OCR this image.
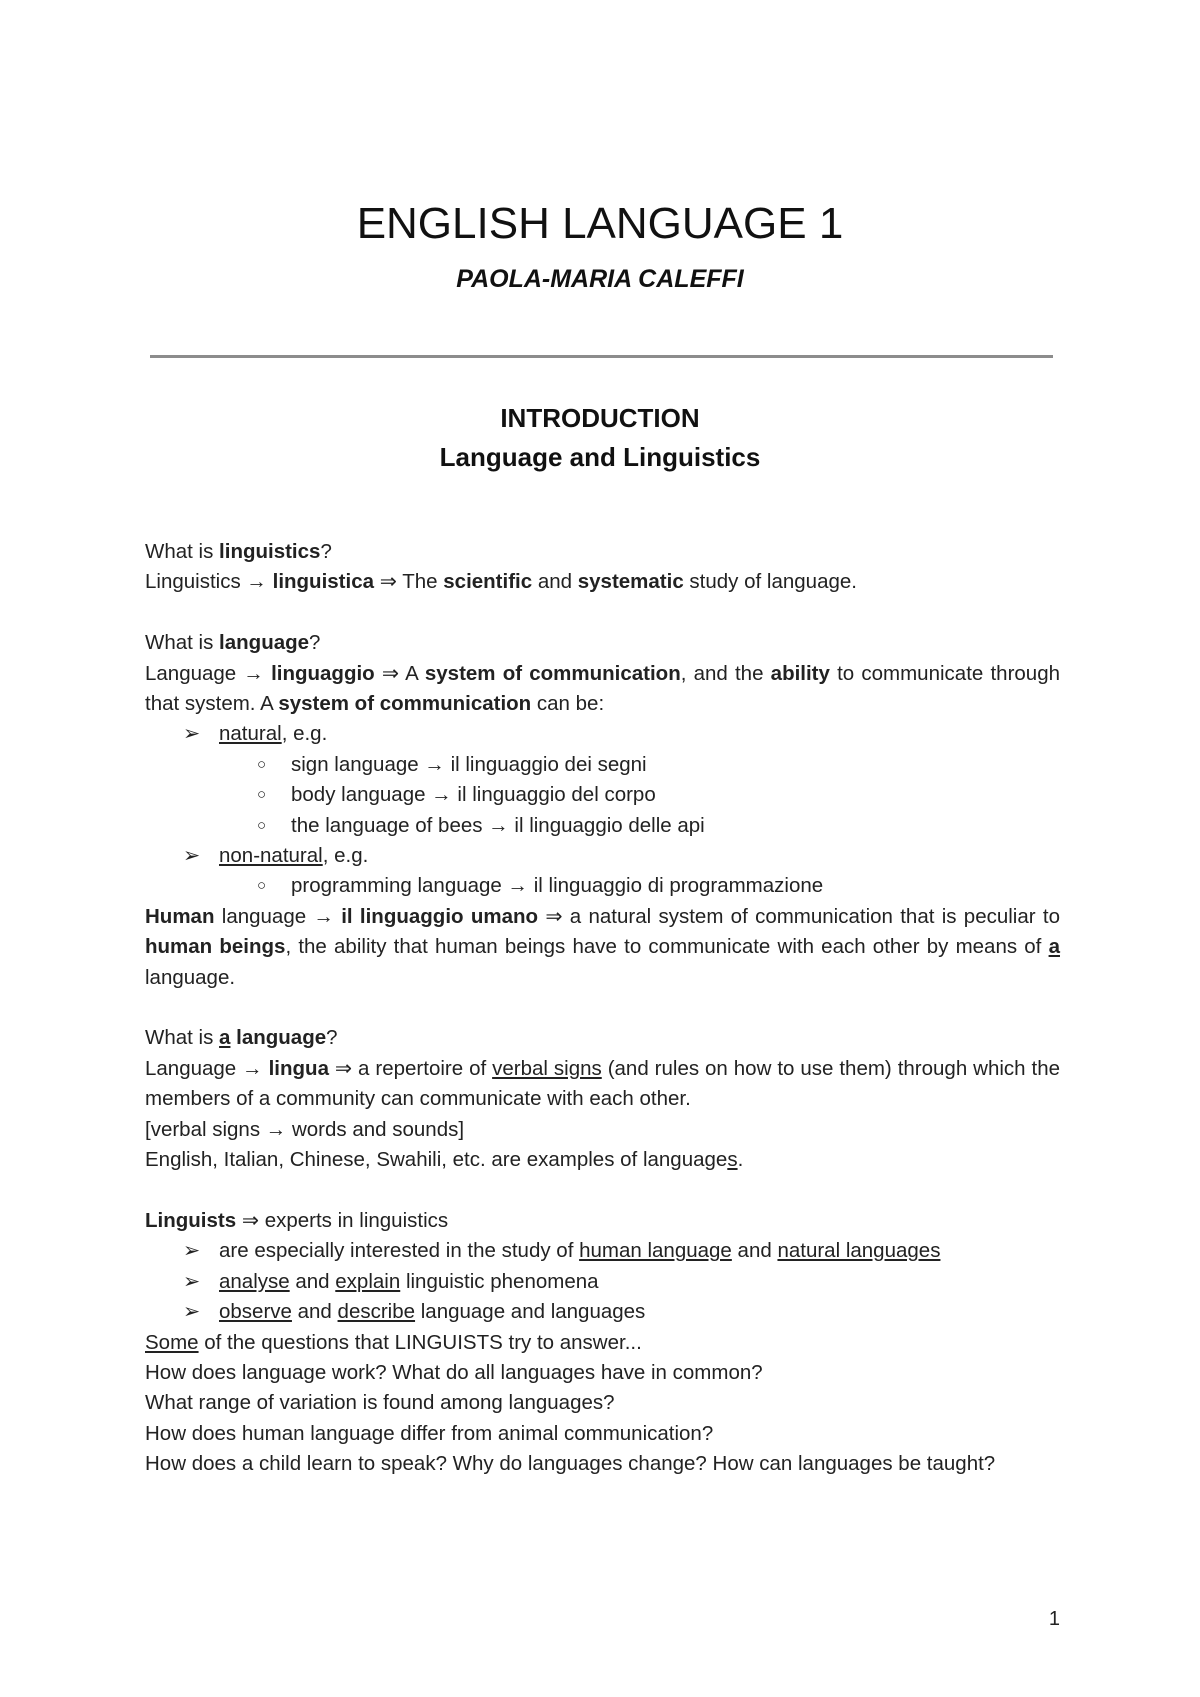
ENGLISH LANGUAGE 1
PAOLA-MARIA CALEFFI
INTRODUCTION
Language and Linguistics

What is linguistics?

Linguistics → linguistica ⇒ The scientific and systematic study of language.

What is language?

Language → linguaggio ⇒ A system of communication, and the ability to communicate through that system. A system of communication can be:

➢ natural, e.g.
○ sign language → il linguaggio dei segni
○ body language → il linguaggio del corpo
○ the language of bees → il linguaggio delle api
➢ non-natural, e.g.
○ programming language → il linguaggio di programmazione

Human language → il linguaggio umano ⇒ a natural system of communication that is peculiar to human beings, the ability that human beings have to communicate with each other by means of a language.

What is a language?

Language → lingua ⇒ a repertoire of verbal signs (and rules on how to use them) through which the members of a community can communicate with each other.

[verbal signs → words and sounds]

English, Italian, Chinese, Swahili, etc. are examples of languages.

Linguists ⇒ experts in linguistics

➢ are especially interested in the study of human language and natural languages
➢ analyse and explain linguistic phenomena
➢ observe and describe language and languages

Some of the questions that LINGUISTS try to answer...

How does language work? What do all languages have in common?

What range of variation is found among languages?

How does human language differ from animal communication?

How does a child learn to speak? Why do languages change? How can languages be taught?

1
